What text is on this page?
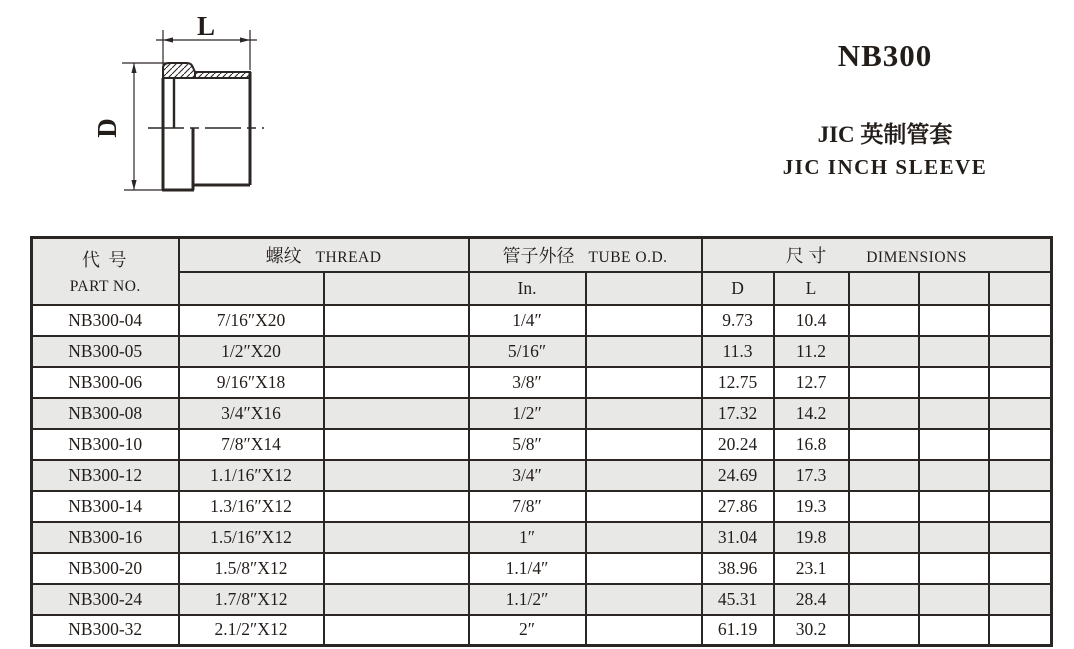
L
D
NB300
JIC 英制管套
JIC INCH SLEEVE
代 号
PART NO.	螺纹 THREAD		管子外径 TUBE O.D.		尺 寸 DIMENSIONS				
			In.		D	L			
NB300-04	7/16″X20		1/4″		9.73	10.4			
NB300-05	1/2″X20		5/16″		11.3	11.2			
NB300-06	9/16″X18		3/8″		12.75	12.7			
NB300-08	3/4″X16		1/2″		17.32	14.2			
NB300-10	7/8″X14		5/8″		20.24	16.8			
NB300-12	1.1/16″X12		3/4″		24.69	17.3			
NB300-14	1.3/16″X12		7/8″		27.86	19.3			
NB300-16	1.5/16″X12		1″		31.04	19.8			
NB300-20	1.5/8″X12		1.1/4″		38.96	23.1			
NB300-24	1.7/8″X12		1.1/2″		45.31	28.4			
NB300-32	2.1/2″X12		2″		61.19	30.2			
